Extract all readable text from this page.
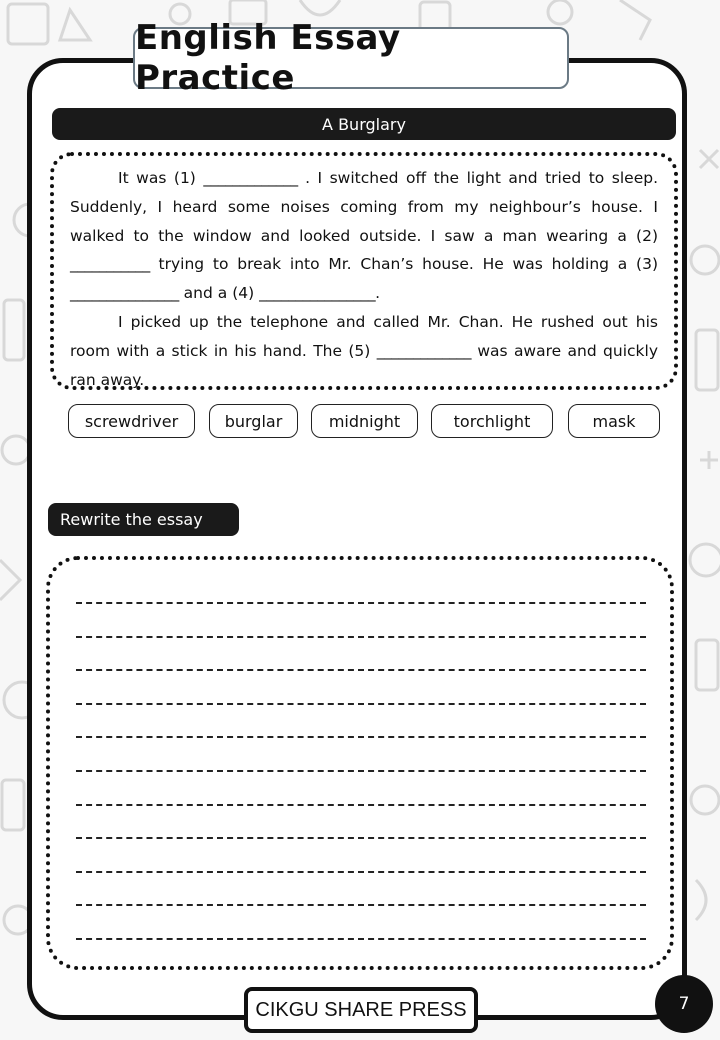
English Essay Practice
A Burglary

It was (1) _____________ . I switched off the light and tried to sleep. Suddenly, I heard some noises coming from my neighbour’s house. I walked to the window and looked outside. I saw a man wearing a (2) ___________ trying to break into Mr. Chan’s house. He was holding a (3) _______________ and a (4) ________________.

I picked up the telephone and called Mr. Chan. He rushed out his room with a stick in his hand. The (5) _____________ was aware and quickly ran away.

screwdriver	burglar	midnight	torchlight	mask
Rewrite the essay
CIKGU SHARE PRESS	7
